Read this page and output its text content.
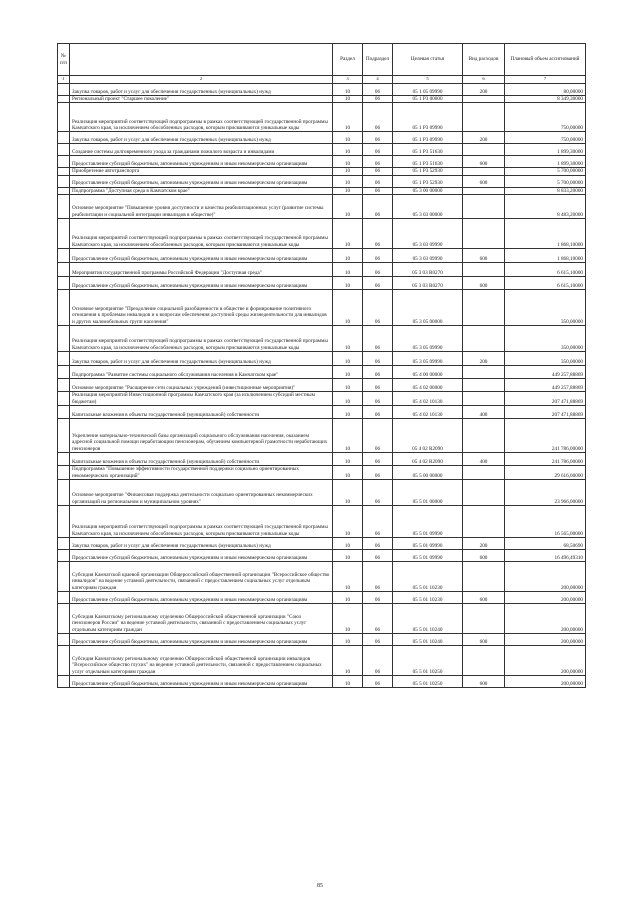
№ п/п		Раздел	Подраздел	Целевая статья	Вид расходов	Плановый объем ассигнований
1	2	3	4	5	6	7
	Закупка товаров, работ и услуг для обеспечения государственных (муниципальных) нужд	10	06	05 1 05 09990	200	80,00000
	Региональный проект "Старшее поколение"	10	06	05 1 P3 00000		8 349,30000
	Реализация мероприятий соответствующей подпрограммы в рамках соответствующей государственной программы Камчатского края, за исключением обособленных расходов, которым присваиваются уникальные коды	10	06	05 1 P3 09990		750,00000
	Закупка товаров, работ и услуг для обеспечения государственных (муниципальных) нужд	10	06	05 1 P3 09990	200	750,00000
	Создание системы долговременного ухода за гражданами пожилого возраста и инвалидами	10	06	05 1 P3 51630		1 899,30000
	Предоставление субсидий бюджетным, автономным учреждениям и иным некоммерческим организациям	10	06	05 1 P3 51630	600	1 899,30000
	Приобретение автотранспорта	10	06	05 1 P3 52930		5 700,00000
	Предоставление субсидий бюджетным, автономным учреждениям и иным некоммерческим организациям	10	06	05 1 P3 52930	600	5 700,00000
	Подпрограмма "Доступная среда в Камчатском крае"	10	06	05 3 00 00000		8 833,20000
	Основное мероприятие "Повышение уровня доступности и качества реабилитационных услуг (развитие системы реабилитации и социальной интеграции инвалидов в обществе)"	10	06	05 3 03 00000		8 483,20000
	Реализация мероприятий соответствующей подпрограммы в рамках соответствующей государственной программы Камчатского края, за исключением обособленных расходов, которым присваиваются уникальные коды	10	06	05 3 03 09990		1 868,10000
	Предоставление субсидий бюджетным, автономным учреждениям и иным некоммерческим организациям	10	06	05 3 03 09990	600	1 868,10000
	Мероприятия государственной программы Российской Федерации "Доступная среда"	10	06	05 3 03 R0270		6 615,10000
	Предоставление субсидий бюджетным, автономным учреждениям и иным некоммерческим организациям	10	06	05 3 03 R0270	600	6 615,10000
	Основное мероприятие "Преодоление социальной разобщенности в обществе и формирование позитивного отношения к проблемам инвалидов и к вопросам обеспечения доступной среды жизнедеятельности для инвалидов и других маломобильных групп населения"	10	06	05 3 05 00000		350,00000
	Реализация мероприятий соответствующей подпрограммы в рамках соответствующей государственной программы Камчатского края, за исключением обособленных расходов, которым присваиваются уникальные коды	10	06	05 3 05 09990		350,00000
	Закупка товаров, работ и услуг для обеспечения государственных (муниципальных) нужд	10	06	05 3 05 09990	200	350,00000
	Подпрограмма "Развитие системы социального обслуживания населения в Камчатском крае"	10	06	05 4 00 00000		449 257,88869
	Основное мероприятие "Расширение сети социальных учреждений (инвестиционные мероприятия)"	10	06	05 4 02 00000		449 257,88869
	Реализация мероприятий Инвестиционной программы Камчатского края (за исключением субсидий местным бюджетам)	10	06	05 4 02 10130		207 471,88869
	Капитальные вложения в объекты государственной (муниципальной) собственности	10	06	05 4 02 10130	400	207 471,88869
	Укрепление материально-технической базы организаций социального обслуживания населения, оказанием адресной социальной помощи неработающим пенсионерам, обучением компьютерной грамотности неработающих пенсионеров	10	06	05 4 02 R2090		241 786,00000
	Капитальные вложения в объекты государственной (муниципальной) собственности	10	06	05 4 02 R2090	400	241 786,00000
	Подпрограмма "Повышение эффективности государственной поддержки социально ориентированных некоммерческих организаций"	10	06	05 5 00 00000		29 616,00000
	Основное мероприятие "Финансовая поддержка деятельности социально ориентированных некоммерческих организаций на региональном и муниципальном уровнях"	10	06	05 5 01 00000		23 966,00000
	Реализация мероприятий соответствующей подпрограммы в рамках соответствующей государственной программы Камчатского края, за исключением обособленных расходов, которым присваиваются уникальные коды	10	06	05 5 01 09990		16 565,00000
	Закупка товаров, работ и услуг для обеспечения государственных (муниципальных) нужд	10	06	05 5 01 09990	200	68,50690
	Предоставление субсидий бюджетным, автономным учреждениям и иным некоммерческим организациям	10	06	05 5 01 09990	600	16 496,49310
	Субсидия Камчатской краевой организации Общероссийской общественной организации "Всероссийское общество инвалидов" на ведение уставной деятельности, связанной с предоставлением социальных услуг отдельным категориям граждан	10	06	05 5 01 10230		200,00000
	Предоставление субсидий бюджетным, автономным учреждениям и иным некоммерческим организациям	10	06	05 5 01 10230	600	200,00000
	Субсидия Камчатскому региональному отделению Общероссийской общественной организации "Союз пенсионеров России" на ведение уставной деятельности, связанной с предоставлением социальных услуг отдельным категориям граждан	10	06	05 5 01 10240		200,00000
	Предоставление субсидий бюджетным, автономным учреждениям и иным некоммерческим организациям	10	06	05 5 01 10240	600	200,00000
	Субсидия Камчатскому региональному отделению Общероссийской общественной организации инвалидов "Всероссийское общество глухих" на ведение уставной деятельности, связанной с предоставлением социальных услуг отдельным категориям граждан	10	06	05 5 01 10250		200,00000
	Предоставление субсидий бюджетным, автономным учреждениям и иным некоммерческим организациям	10	06	05 5 01 10250	600	200,00000
85
